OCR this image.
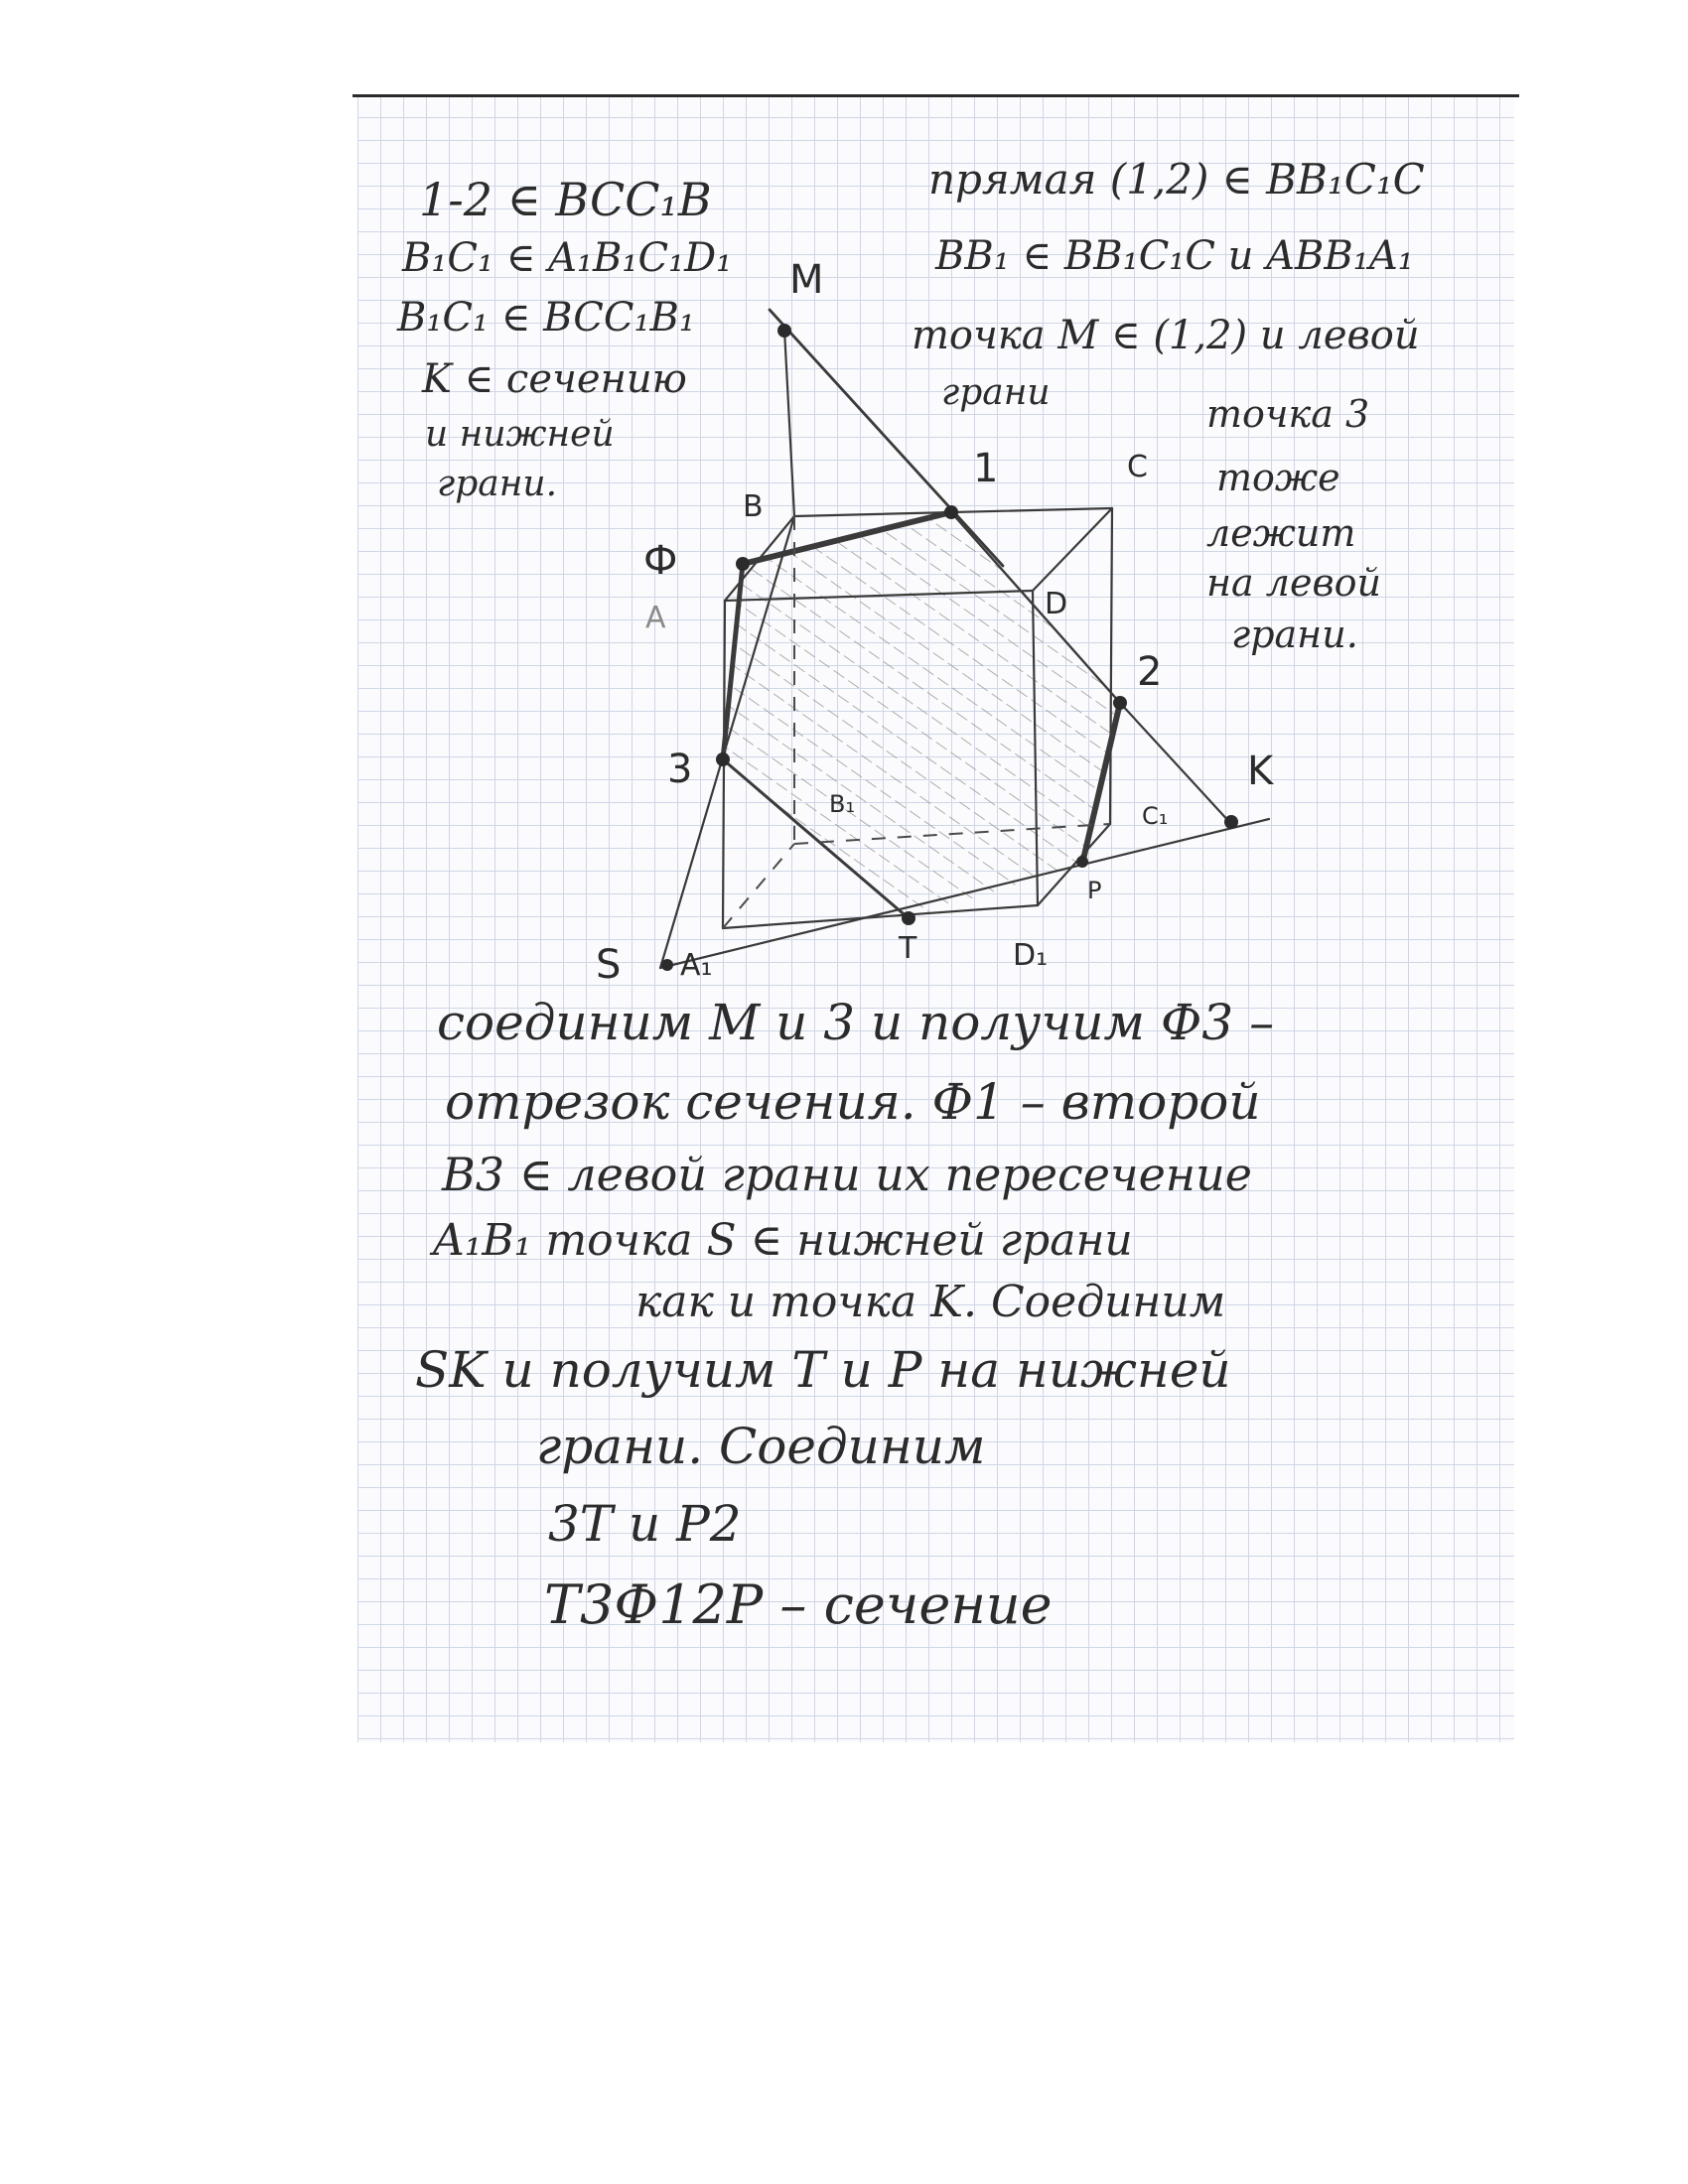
1-2 ∈ BCC₁B

B₁C₁ ∈ A₁B₁C₁D₁

B₁C₁ ∈ BCC₁B₁

K ∈ сечению

и нижней

грани.

прямая (1,2) ∈ BB₁C₁C

BB₁ ∈ BB₁C₁C и ABB₁A₁

точка M ∈ (1,2) и левой

грани	точка 3

тоже

лежит

на левой

грани.

M
B
C
1
Ф
A	D
2
3	K
B₁	C₁
P
S A₁	T	D₁

соединим M и 3 и получим Ф3 –

отрезок сечения. Ф1 – второй

B3 ∈ левой грани их пересечение

A₁B₁ точка S ∈ нижней грани

как и точка K. Соединим

SK и получим T и P на нижней

грани. Соединим

3T и P2

T3Ф12P – сечение
